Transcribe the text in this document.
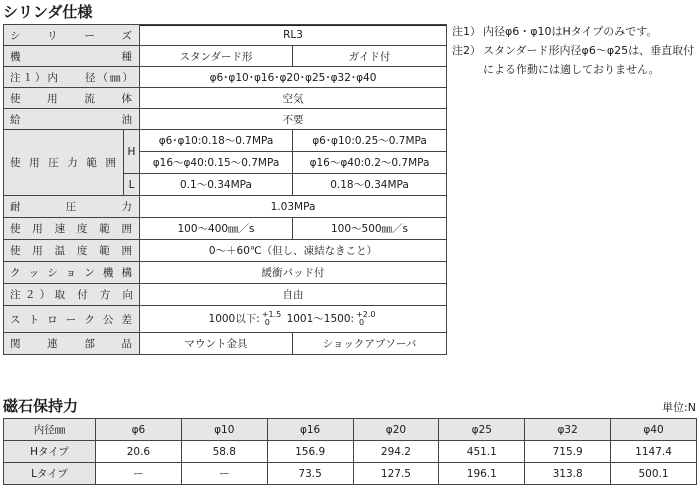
シリンダ仕様
シ　リ　ー　ズ		RL3	
機　　　　種		スタンダード形	ガイド付
注１）内　　径（㎜）		φ6･φ10･φ16･φ20･φ25･φ32･φ40	
使　用　流　体		空気	
給　　　　油		不要	
使用圧力範囲	H	φ6･φ10:0.18～0.7MPa	φ6･φ10:0.25～0.7MPa
		φ16～φ40:0.15～0.7MPa	φ16～φ40:0.2～0.7MPa
	L	0.1～0.34MPa	0.18～0.34MPa
耐　　圧　　力		1.03MPa	
使用速度範囲		100～400㎜／s	100～500㎜／s
使用温度範囲		0～＋60℃（但し、凍結なきこと）	
クッション機構		緩衝パッド付	
注２）取 付 方 向		自由	
ストローク公差		1000以下: +1.5
0 1001～1500: +2.0
0	
関　連　部　品		マウント金具	ショックアブソーバ
注1） 内径φ6・φ10はHタイプのみです。
注2） スタンダード形内径φ6～φ25は、垂直取付による作動には適しておりません。
磁石保持力	単位:N
内径㎜	φ6	φ10	φ16	φ20	φ25	φ32	φ40
Hタイプ	20.6	58.8	156.9	294.2	451.1	715.9	1147.4
Lタイプ	ー	ー	73.5	127.5	196.1	313.8	500.1
